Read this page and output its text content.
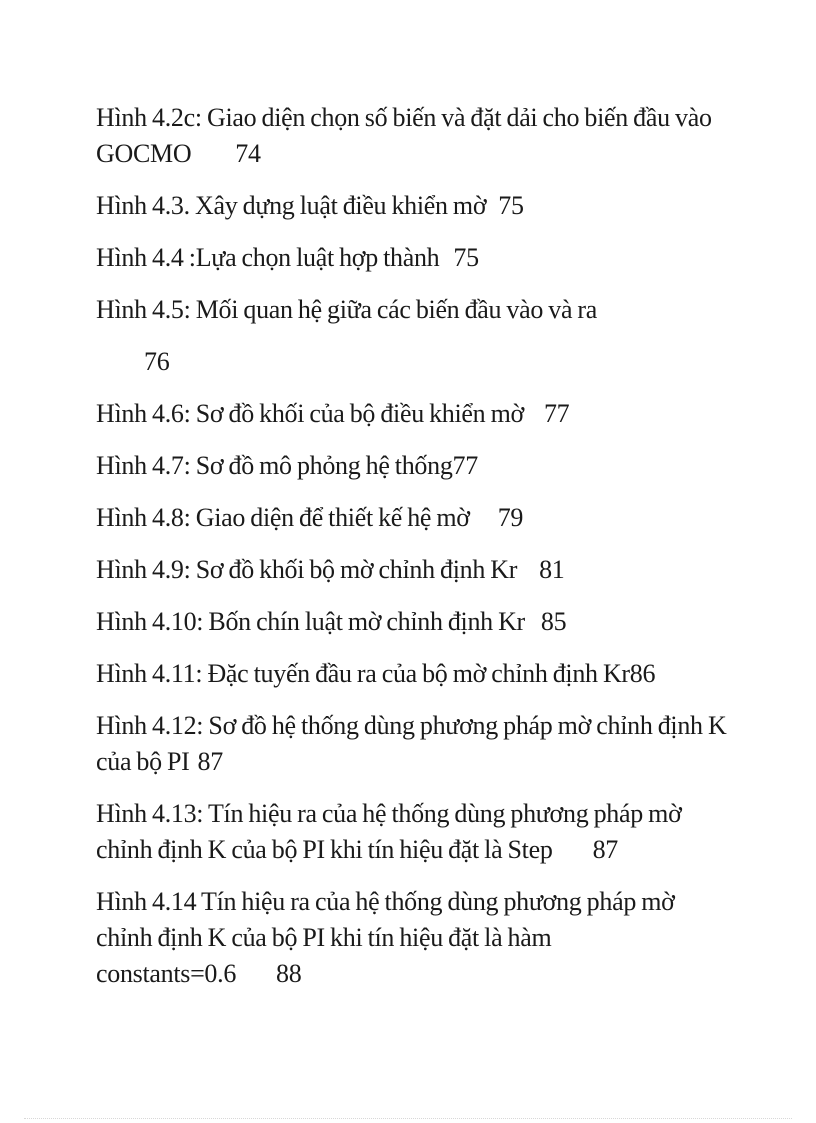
Hình 4.2c: Giao diện chọn số biến và đặt dải cho biến đầu vào GOCMO 74
Hình 4.3. Xây dựng luật điều khiển mờ 75
Hình 4.4 :Lựa chọn luật hợp thành 75
Hình 4.5: Mối quan hệ giữa các biến đầu vào và ra
76
Hình 4.6: Sơ đồ khối của bộ điều khiển mờ 77
Hình 4.7: Sơ đồ mô phỏng hệ thống77
Hình 4.8: Giao diện để thiết kế hệ mờ 79
Hình 4.9: Sơ đồ khối bộ mờ chỉnh định Kr 81
Hình 4.10: Bốn chín luật mờ chỉnh định Kr 85
Hình 4.11: Đặc tuyến đầu ra của bộ mờ chỉnh định Kr86
Hình 4.12: Sơ đồ hệ thống dùng phương pháp mờ chỉnh định K của bộ PI 87
Hình 4.13: Tín hiệu ra của hệ thống dùng phương pháp mờ chỉnh định K của bộ PI khi tín hiệu đặt là Step 87
Hình 4.14 Tín hiệu ra của hệ thống dùng phương pháp mờ chỉnh định K của bộ PI khi tín hiệu đặt là hàm constants=0.6 88
